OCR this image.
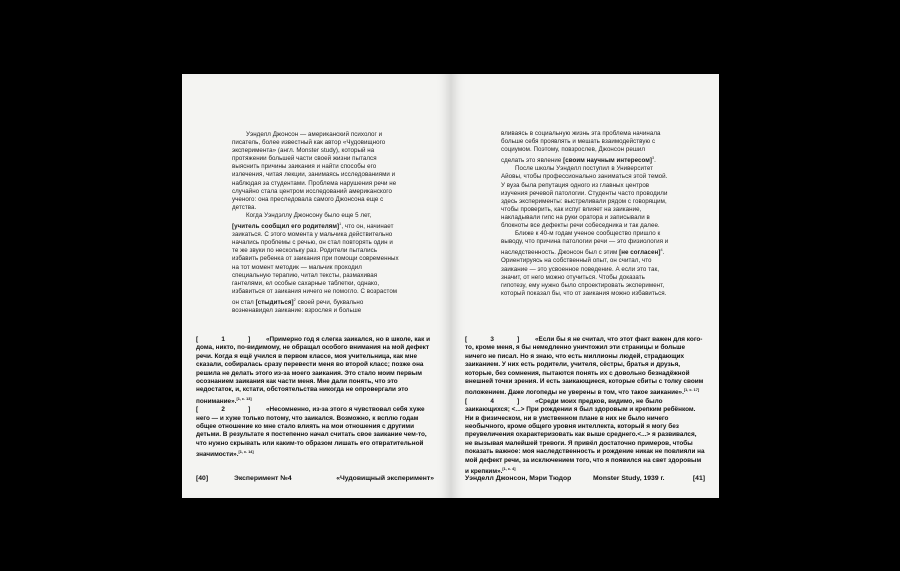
Уэнделл Джонсон — американский психолог и писатель, более известный как автор «Чудовищного эксперимента» (англ. Monster study), который на протяжении большей части своей жизни пытался выяснить причины заикания и найти способы его излечения, читая лекции, занимаясь исследованиями и наблюдая за студентами. Проблема нарушения речи не случайно стала центром исследований американского ученого: она преследовала самого Джонсона еще с детства.

Когда Уэндэллу Джонсону было еще 5 лет, [учитель сообщил его родителям]$^1$, что он, начинает заикаться. С этого момента у мальчика действительно начались проблемы с речью, он стал повторять один и те же звуки по нескольку раз. Родители пытались избавить ребенка от заикания при помощи современных на тот момент методик — мальчик проходил специальную терапию, читал тексты, размахивая гантелями, ел особые сахарные таблетки, однако, избавиться от заикания ничего не помогло. С возрастом он стал [стыдиться]$^2$ своей речи, буквально возненавидел заикание: взрослея и больше

[	1	] «Примерно год я слегка заикался, но в школе, как и дома, никто, по-видимому, не обращал особого внимания на мой дефект речи. Когда я ещё учился в первом классе, моя учительница, как мне сказали, собиралась сразу перевести меня во второй класс; позже она решила не делать этого из-за моего заикания. Это стало моим первым осознанием заикания как части меня. Мне дали понять, что это недостаток, и, кстати, обстоятельства никогда не опровергали это понимание».[1, с. 13]

[	2	] «Несомненно, из-за этого я чувствовал себя хуже него — и хуже только потому, что заикался. Возможно, к всплю годам общее отношение ко мне стало влиять на мои отношения с другими детьми. В результате я постепенно начал считать свое заикание чем-то, что нужно скрывать или каким-то образом лишать его отвратительной значимости».[1, с. 14]

[40]	Эксперимент №4	«Чудовищный эксперимент»

вливаясь в социальную жизнь эта проблема начинала больше себя проявлять и мешать взаимодействую с социумом. Поэтому, повзрослев, Джонсон решил сделать это явление [своим научным интересом]$^3$.

После школы Уэнделл поступил в Университет Айовы, чтобы профессионально заниматься этой темой. У вуза была репутация одного из главных центров изучения речевой патологии. Студенты часто проводили здесь эксперименты: выстреливали рядом с говорящим, чтобы проверить, как испуг влияет на заикание, накладывали гипс на руки оратора и записывали в блокноты все дефекты речи собеседника и так далее.

Ближе к 40-м годам ученое сообщество пришло к выводу, что причина патологии речи — это физиология и наследственность. Джонсон был с этим [не согласен]$^4$. Ориентируясь на собственный опыт, он считал, что заикание — это усвоенное поведение. А если это так, значит, от него можно отучиться. Чтобы доказать гипотезу, ему нужно было спроектировать эксперимент, который показал бы, что от заикания можно избавиться.

[	3	] «Если бы я не считал, что этот факт важен для кого-то, кроме меня, я бы немедленно уничтожил эти страницы и больше ничего не писал. Но я знаю, что есть миллионы людей, страдающих заиканием. У них есть родители, учителя, сёстры, братья и друзья, которые, без сомнения, пытаются понять их с довольно безнадёжной внешней точки зрения. И есть заикающиеся, которые сбиты с толку своим положением. Даже логопеды не уверены в том, что такое заикание».[1, с. 17]

[	4	] «Среди моих предков, видимо, не было заикающихся; <...> При рождении я был здоровым и крепким ребёнком. Ни в физическом, ни в умственном плане в них не было ничего необычного, кроме общего уровня интеллекта, который я могу без преувеличения охарактеризовать как выше среднего.<...> я развивался, не вызывая малейшей тревоги. Я привёл достаточно примеров, чтобы показать важное: моя наследственность и рождение никак не повлияли на мой дефект речи, за исключением того, что я появился на свет здоровым и крепким».[1, с. 4]

Уэнделл Джонсон, Мэри Тюдор	Monster Study, 1939 г.	[41]
